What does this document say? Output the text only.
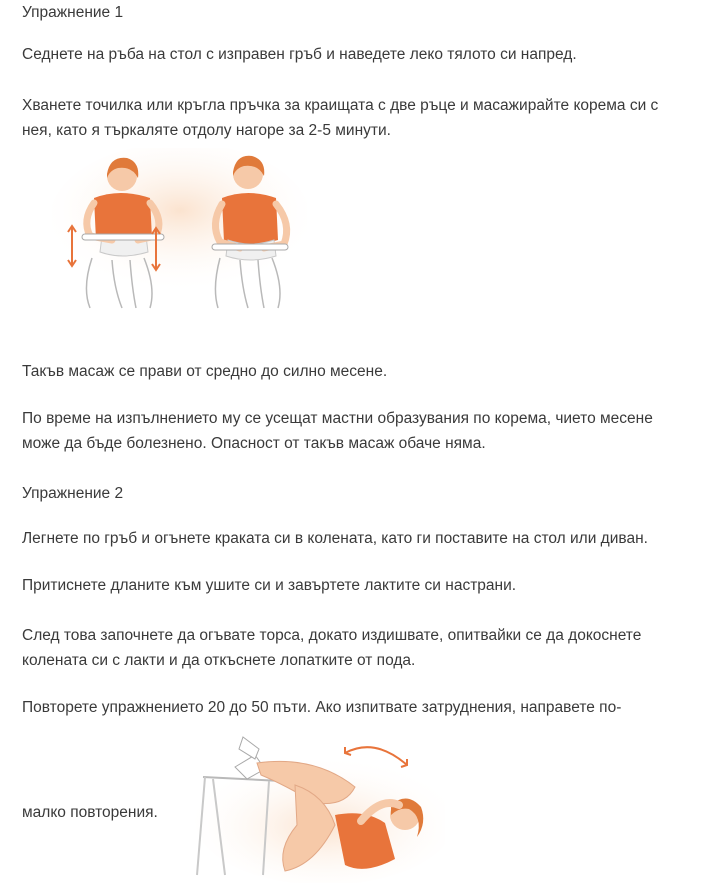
Упражнение 1

Седнете на ръба на стол с изправен гръб и наведете леко тялото си напред.

Хванете точилка или кръгла пръчка за краищата с две ръце и масажирайте корема си с нея, като я търкаляте отдолу нагоре за 2-5 минути.

Такъв масаж се прави от средно до силно месене.

По време на изпълнението му се усещат мастни образувания по корема, чието месене може да бъде болезнено. Опасност от такъв масаж обаче няма.

Упражнение 2

Легнете по гръб и огънете краката си в колената, като ги поставите на стол или диван.

Притиснете дланите към ушите си и завъртете лактите си настрани.

След това започнете да огъвате торса, докато издишвате, опитвайки се да докоснете колената си с лакти и да откъснете лопатките от пода.

Повторете упражнението 20 до 50 пъти. Ако изпитвате затруднения, направете по-

малко повторения.
